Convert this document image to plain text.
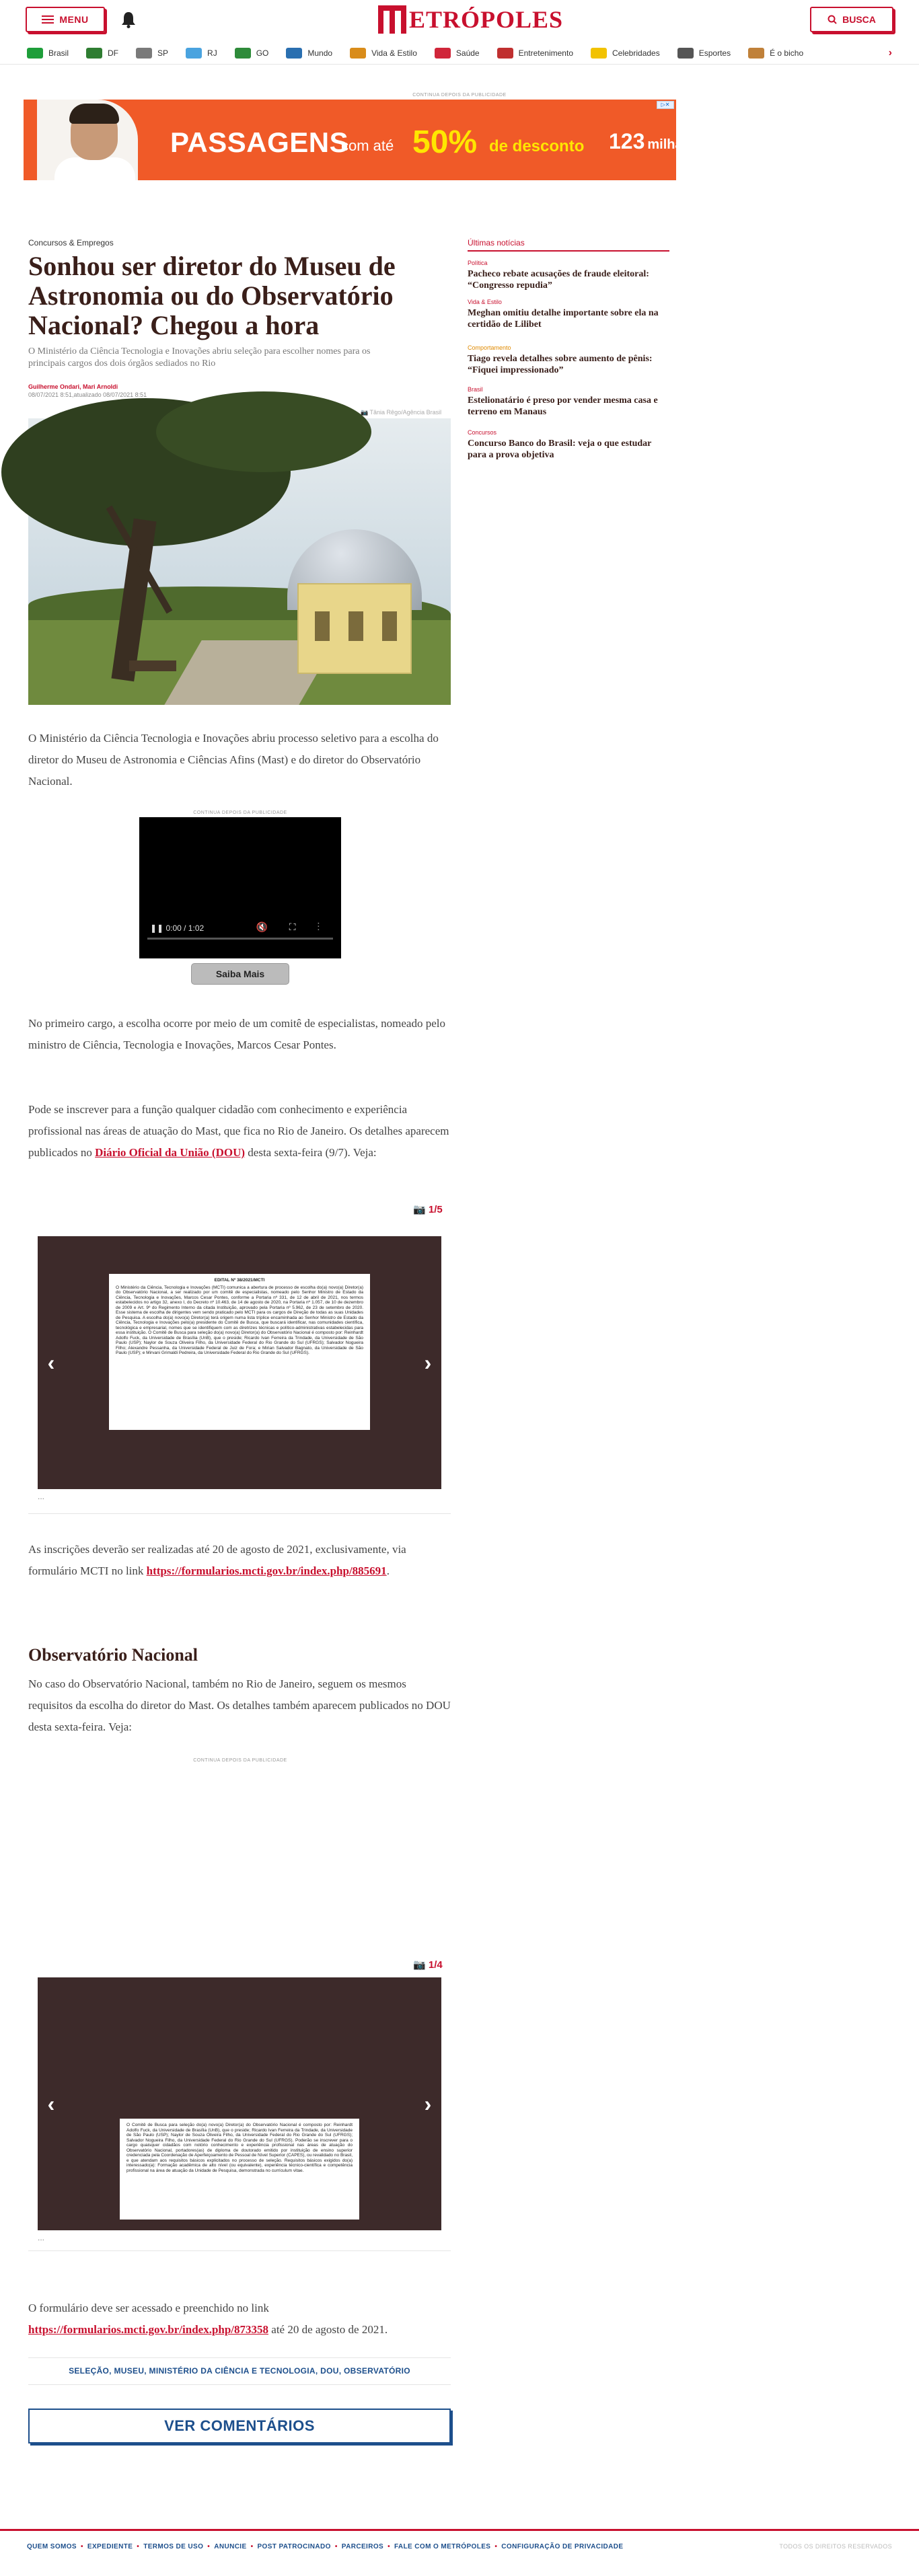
MENU	ETRÓPOLES	BUSCA
Brasil	DF	SP	RJ	GO	Mundo	Vida & Estilo	Saúde	Entretenimento	Celebridades	Esportes	É o bicho	›
CONTINUA DEPOIS DA PUBLICIDADE
PASSAGENS
com até 50% de desconto 123 milhas
▷✕
Concursos & Empregos
Sonhou ser diretor do Museu de Astronomia ou do Observatório Nacional? Chegou a hora

O Ministério da Ciência Tecnologia e Inovações abriu seleção para escolher nomes para os principais cargos dos dois órgãos sediados no Rio

Guilherme Ondari, Mari Arnoldi
08/07/2021 8:51,atualizado 08/07/2021 8:51
📷 Tânia Rêgo/Agência Brasil

O Ministério da Ciência Tecnologia e Inovações abriu processo seletivo para a escolha do diretor do Museu de Astronomia e Ciências Afins (Mast) e do diretor do Observatório Nacional.

CONTINUA DEPOIS DA PUBLICIDADE
❚❚ 0:00 / 1:02	🔇 ⛶ ⋮
Saiba Mais

No primeiro cargo, a escolha ocorre por meio de um comitê de especialistas, nomeado pelo ministro de Ciência, Tecnologia e Inovações, Marcos Cesar Pontes.

Pode se inscrever para a função qualquer cidadão com conhecimento e experiência profissional nas áreas de atuação do Mast, que fica no Rio de Janeiro. Os detalhes aparecem publicados no Diário Oficial da União (DOU) desta sexta-feira (9/7). Veja:

📷 1/5

EDITAL Nº 38/2021/MCTI

O Ministério da Ciência, Tecnologia e Inovações (MCTI) comunica a abertura de processo de escolha do(a) novo(a) Diretor(a) do Observatório Nacional, a ser realizado por um comitê de especialistas, nomeado pelo Senhor Ministro de Estado da Ciência, Tecnologia e Inovações, Marcos Cesar Pontes, conforme a Portaria nº 331, de 12 de abril de 2021, nos termos estabelecidos no artigo 32, anexo I, do Decreto nº 10.463, de 14 de agosto de 2020, na Portaria nº 1.057, de 10 de dezembro de 2009 e Art. 9º do Regimento Interno da citada Instituição, aprovado pela Portaria nº 5.962, de 23 de setembro de 2020. Esse sistema de escolha de dirigentes vem sendo praticado pelo MCTI para os cargos de Direção de todas as suas Unidades de Pesquisa. A escolha do(a) novo(a) Diretor(a) terá origem numa lista tríplice encaminhada ao Senhor Ministro de Estado da Ciência, Tecnologia e Inovações pelo(a) presidente do Comitê de Busca, que buscará identificar, nas comunidades científica, tecnológica e empresarial, nomes que se identifiquem com as diretrizes técnicas e político-administrativas estabelecidas para essa instituição. O Comitê de Busca para seleção do(a) novo(a) Diretor(a) do Observatório Nacional é composto por: Reinhardt Adolfo Fuck, da Universidade de Brasília (UnB), que o preside; Ricardo Ivan Ferreira da Trindade, da Universidade de São Paulo (USP); Naylor de Souza Oliveira Filho, da Universidade Federal do Rio Grande do Sul (UFRGS); Salvador Nogueira Filho; Alexandre Pessanha, da Universidade Federal de Juiz de Fora; e Mirian Salvador Bagnato, da Universidade de São Paulo (USP); e Mirvani Grimaldi Pedreira, da Universidade Federal do Rio Grande do Sul (UFRGS).

‹	›
...

As inscrições deverão ser realizadas até 20 de agosto de 2021, exclusivamente, via formulário MCTI no link https://formularios.mcti.gov.br/index.php/885691.

Observatório Nacional

No caso do Observatório Nacional, também no Rio de Janeiro, seguem os mesmos requisitos da escolha do diretor do Mast. Os detalhes também aparecem publicados no DOU desta sexta-feira. Veja:

CONTINUA DEPOIS DA PUBLICIDADE
📷 1/4

O Comitê de Busca para seleção do(a) novo(a) Diretor(a) do Observatório Nacional é composto por: Reinhardt Adolfo Fuck, da Universidade de Brasília (UnB), que o preside; Ricardo Ivan Ferreira da Trindade, da Universidade de São Paulo (USP); Naylor de Souza Oliveira Filho, da Universidade Federal do Rio Grande do Sul (UFRGS); Salvador Nogueira Filho, da Universidade Federal do Rio Grande do Sul (UFRGS). Poderão se inscrever para o cargo quaisquer cidadãos com notório conhecimento e experiência profissional nas áreas de atuação do Observatório Nacional, portadores(as) de diploma de doutorado emitido por instituição de ensino superior credenciada pela Coordenação de Aperfeiçoamento de Pessoal de Nível Superior (CAPES), ou revalidado no Brasil, e que atendam aos requisitos básicos explicitados no processo de seleção. Requisitos básicos exigidos do(a) interessado(a): Formação acadêmica de alto nível (ou equivalente), experiência técnico-científica e competência profissional na área de atuação da Unidade de Pesquisa, demonstrada no currículum vitae.

‹	›
...

O formulário deve ser acessado e preenchido no link https://formularios.mcti.gov.br/index.php/873358 até 20 de agosto de 2021.

SELEÇÃO, MUSEU, MINISTÉRIO DA CIÊNCIA E TECNOLOGIA, DOU, OBSERVATÓRIO
VER COMENTÁRIOS
Últimas notícias
Política
Pacheco rebate acusações de fraude eleitoral: “Congresso repudia”
Vida & Estilo
Meghan omitiu detalhe importante sobre ela na certidão de Lilibet
Comportamento
Tiago revela detalhes sobre aumento de pênis: “Fiquei impressionado”
Brasil
Estelionatário é preso por vender mesma casa e terreno em Manaus
Concursos
Concurso Banco do Brasil: veja o que estudar para a prova objetiva
QUEM SOMOS • EXPEDIENTE • TERMOS DE USO • ANUNCIE • POST PATROCINADO • PARCEIROS • FALE COM O METRÓPOLES • CONFIGURAÇÃO DE PRIVACIDADE	TODOS OS DIREITOS RESERVADOS
